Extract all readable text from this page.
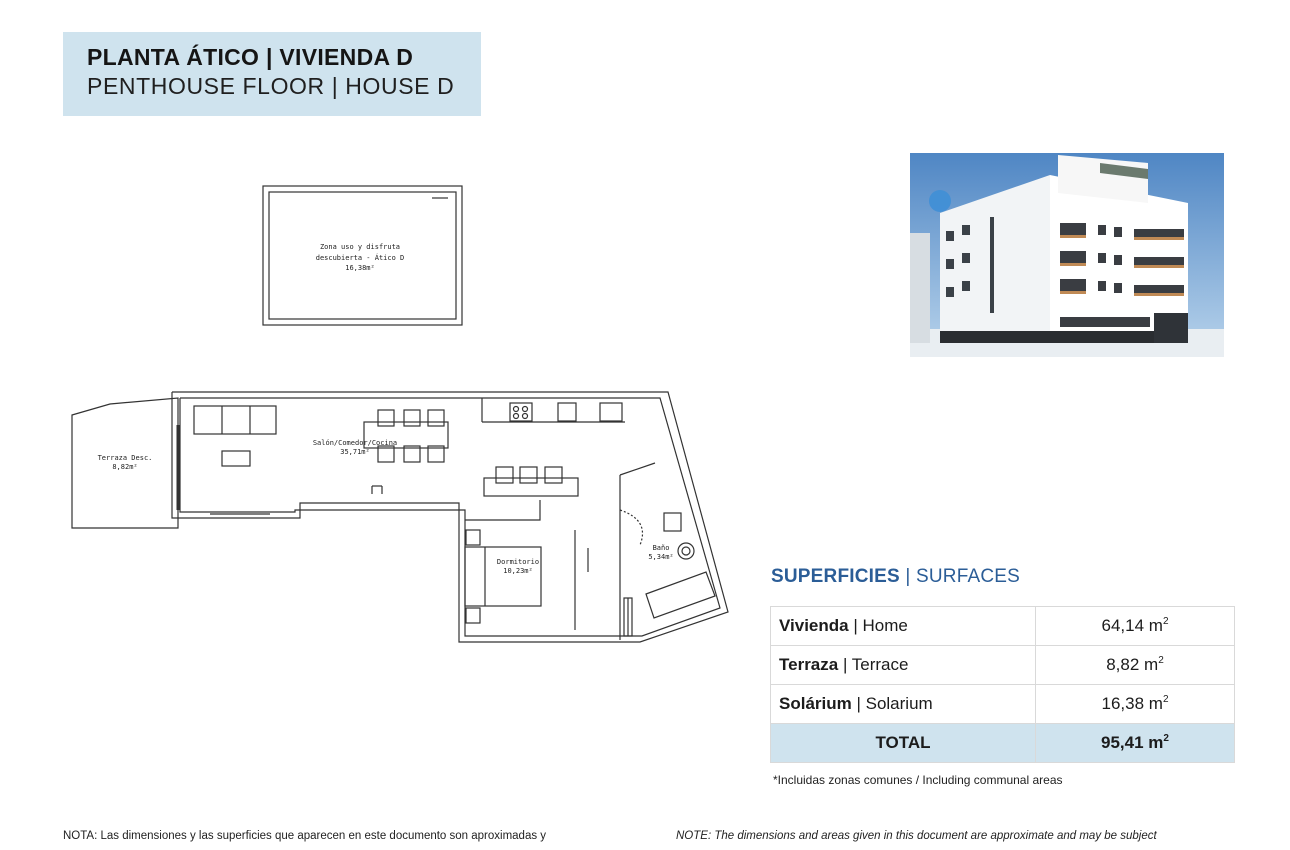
PLANTA ÁTICO | VIVIENDA D
PENTHOUSE FLOOR | HOUSE D
Zona uso y disfruta
descubierta - Ático D
16,38m²
Terraza Desc.
8,82m²
Salón/Comedor/Cocina
35,71m²
Dormitorio
10,23m²
Baño
5,34m²
SUPERFICIES | SURFACES
Vivienda | Home	64,14 $m^2$
Terraza | Terrace	8,82 $m^2$
Solárium | Solarium	16,38 $m^2$
TOTAL	95,41 $m^2$
*Incluidas zonas comunes / Including communal areas
NOTA: Las dimensiones y las superficies que aparecen en este documento son aproximadas y	NOTE: The dimensions and areas given in this document are approximate and may be subject
